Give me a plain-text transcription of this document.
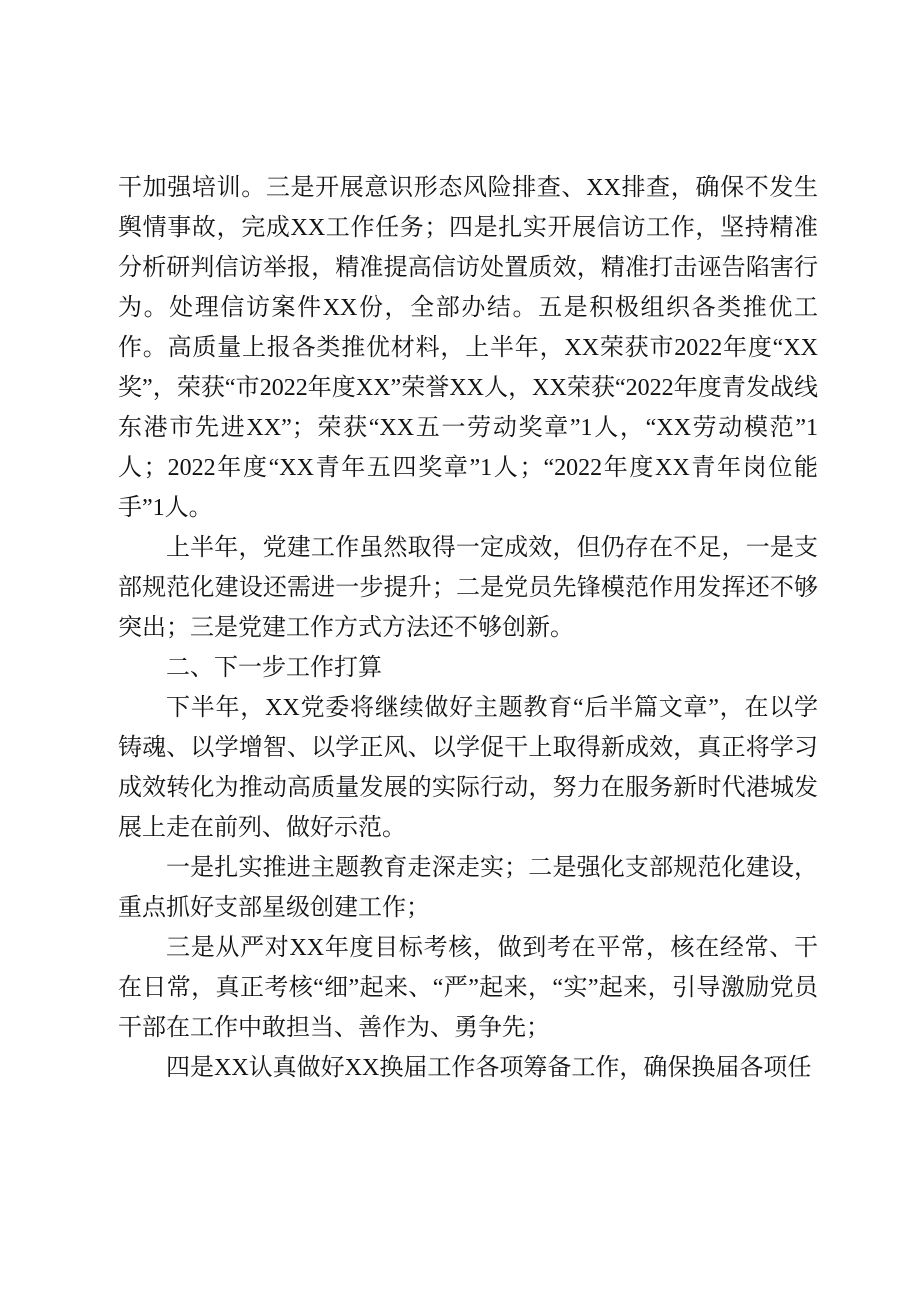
干加强培训。三是开展意识形态风险排查、XX排查，确保不发生舆情事故，完成XX工作任务；四是扎实开展信访工作，坚持精准分析研判信访举报，精准提高信访处置质效，精准打击诬告陷害行为。处理信访案件XX份，全部办结。五是积极组织各类推优工作。高质量上报各类推优材料，上半年，XX荣获市2022年度“XX奖”，荣获“市2022年度XX”荣誉XX人，XX荣获“2022年度青发战线东港市先进XX”；荣获“XX五一劳动奖章”1人，“XX劳动模范”1人；2022年度“XX青年五四奖章”1人；“2022年度XX青年岗位能手”1人。

上半年，党建工作虽然取得一定成效，但仍存在不足，一是支部规范化建设还需进一步提升；二是党员先锋模范作用发挥还不够突出；三是党建工作方式方法还不够创新。

二、下一步工作打算

下半年，XX党委将继续做好主题教育“后半篇文章”，在以学铸魂、以学增智、以学正风、以学促干上取得新成效，真正将学习成效转化为推动高质量发展的实际行动，努力在服务新时代港城发展上走在前列、做好示范。

一是扎实推进主题教育走深走实；二是强化支部规范化建设，重点抓好支部星级创建工作；

三是从严对XX年度目标考核，做到考在平常，核在经常、干在日常，真正考核“细”起来、“严”起来，“实”起来，引导激励党员干部在工作中敢担当、善作为、勇争先；

四是XX认真做好XX换届工作各项筹备工作，确保换届各项任
